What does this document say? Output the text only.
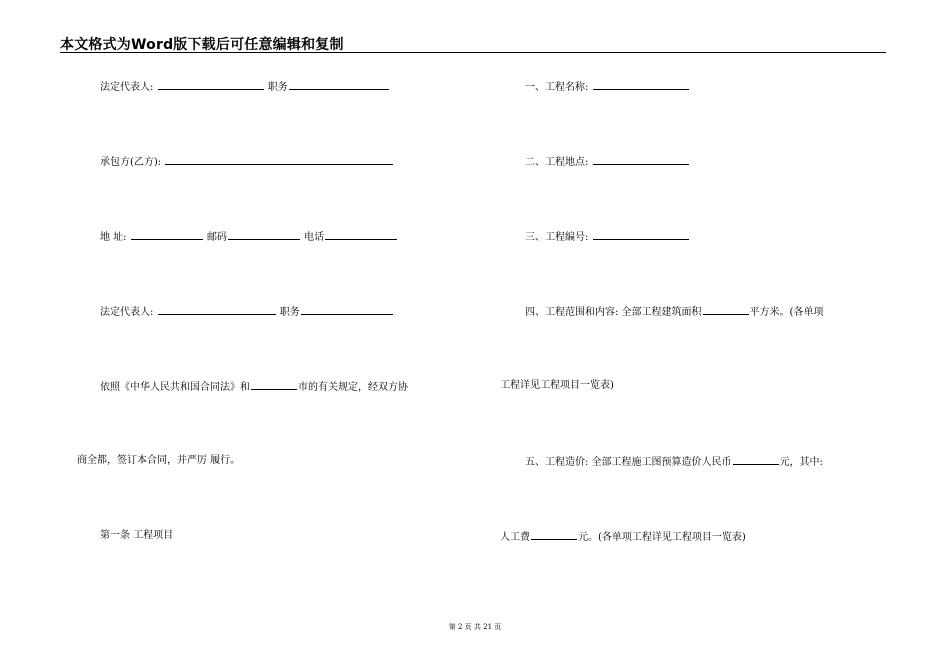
本文格式为Word版下载后可任意编辑和复制
法定代表人:	职务
承包方(乙方):
地 址:	邮码	电话
法定代表人:	职务
依照《中华人民共和国合同法》和	市的有关规定，经双方协
商全都，签订本合同，并严厉 履行。
第一条 工程项目
一、工程名称:
二、工程地点:
三、工程编号:
四、工程范围和内容: 全部工程建筑面积	平方米。(各单项
工程详见工程项目一览表)
五、工程造价: 全部工程施工图预算造价人民币	元，其中:
人工费	元。(各单项工程详见工程项目一览表)
第 2 页 共 21 页
